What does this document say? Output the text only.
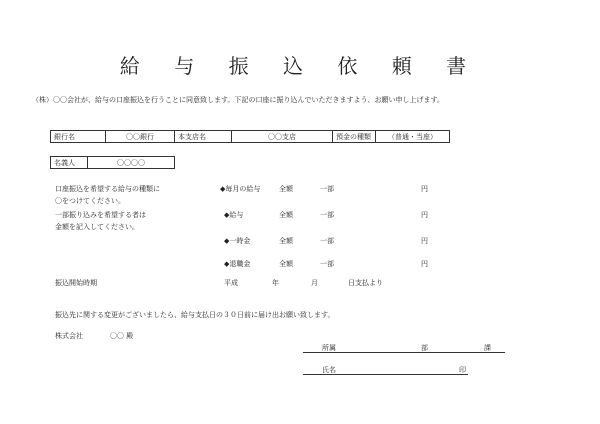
給 与 振 込 依 頼 書
（株）〇〇会社が、給与の口座振込を行うことに同意致します。下記の口座に振り込んでいただきますよう、お願い申し上げます。
銀行名	〇〇銀行	本支店名	〇〇支店	預金の種類	（普通・当座）
名義人	〇〇〇〇
口座振込を希望する給与の種類に
〇をつけてください。
一部振り込みを希望する者は
金額を記入してください。
◆毎月の給与	全額	一部	円
◆給与	全額	一部	円
◆一時金	全額	一部	円
◆退職金	全額	一部	円
振込開始時期	平成	年	月	日支払より
振込先に関する変更がございましたら、給与支払日の３０日前に届け出お願い致します。
株式会社	〇〇 殿
所属	部	課
氏名	印
